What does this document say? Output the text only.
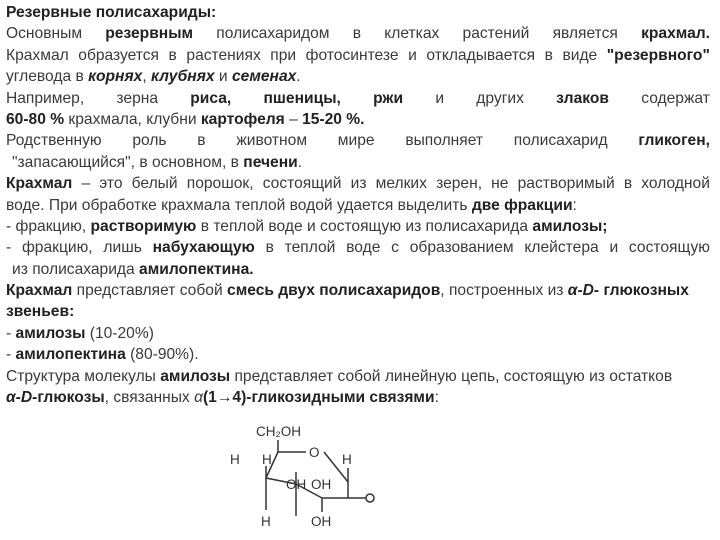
Резервные полисахариды:
Основным резервным полисахаридом в клетках растений является крахмал.
Крахмал образуется в растениях при фотосинтезе и откладывается в виде "резервного"
углевода в корнях, клубнях и семенах.
Например, зерна риса, пшеницы, ржи и других злаков содержат
60-80 % крахмала, клубни картофеля – 15-20 %.
Родственную роль в животном мире выполняет полисахарид гликоген,
"запасающийся", в основном, в печени.
Крахмал – это белый порошок, состоящий из мелких зерен, не растворимый в холодной
воде. При обработке крахмала теплой водой удается выделить две фракции:
- фракцию, растворимую в теплой воде и состоящую из полисахарида амилозы;
- фракцию, лишь набухающую в теплой воде с образованием клейстера и состоящую
из полисахарида амилопектина.
Крахмал представляет собой смесь двух полисахаридов, построенных из α-D- глюкозных
звеньев:
- амилозы (10-20%)
- амилопектина (80-90%).
Структура молекулы амилозы представляет собой линейную цепь, состоящую из остатков
α-D-глюкозы, связанных α(1→4)-гликозидными связями:
CH₂OH
O
H H
OH
H
OH
H	OH
